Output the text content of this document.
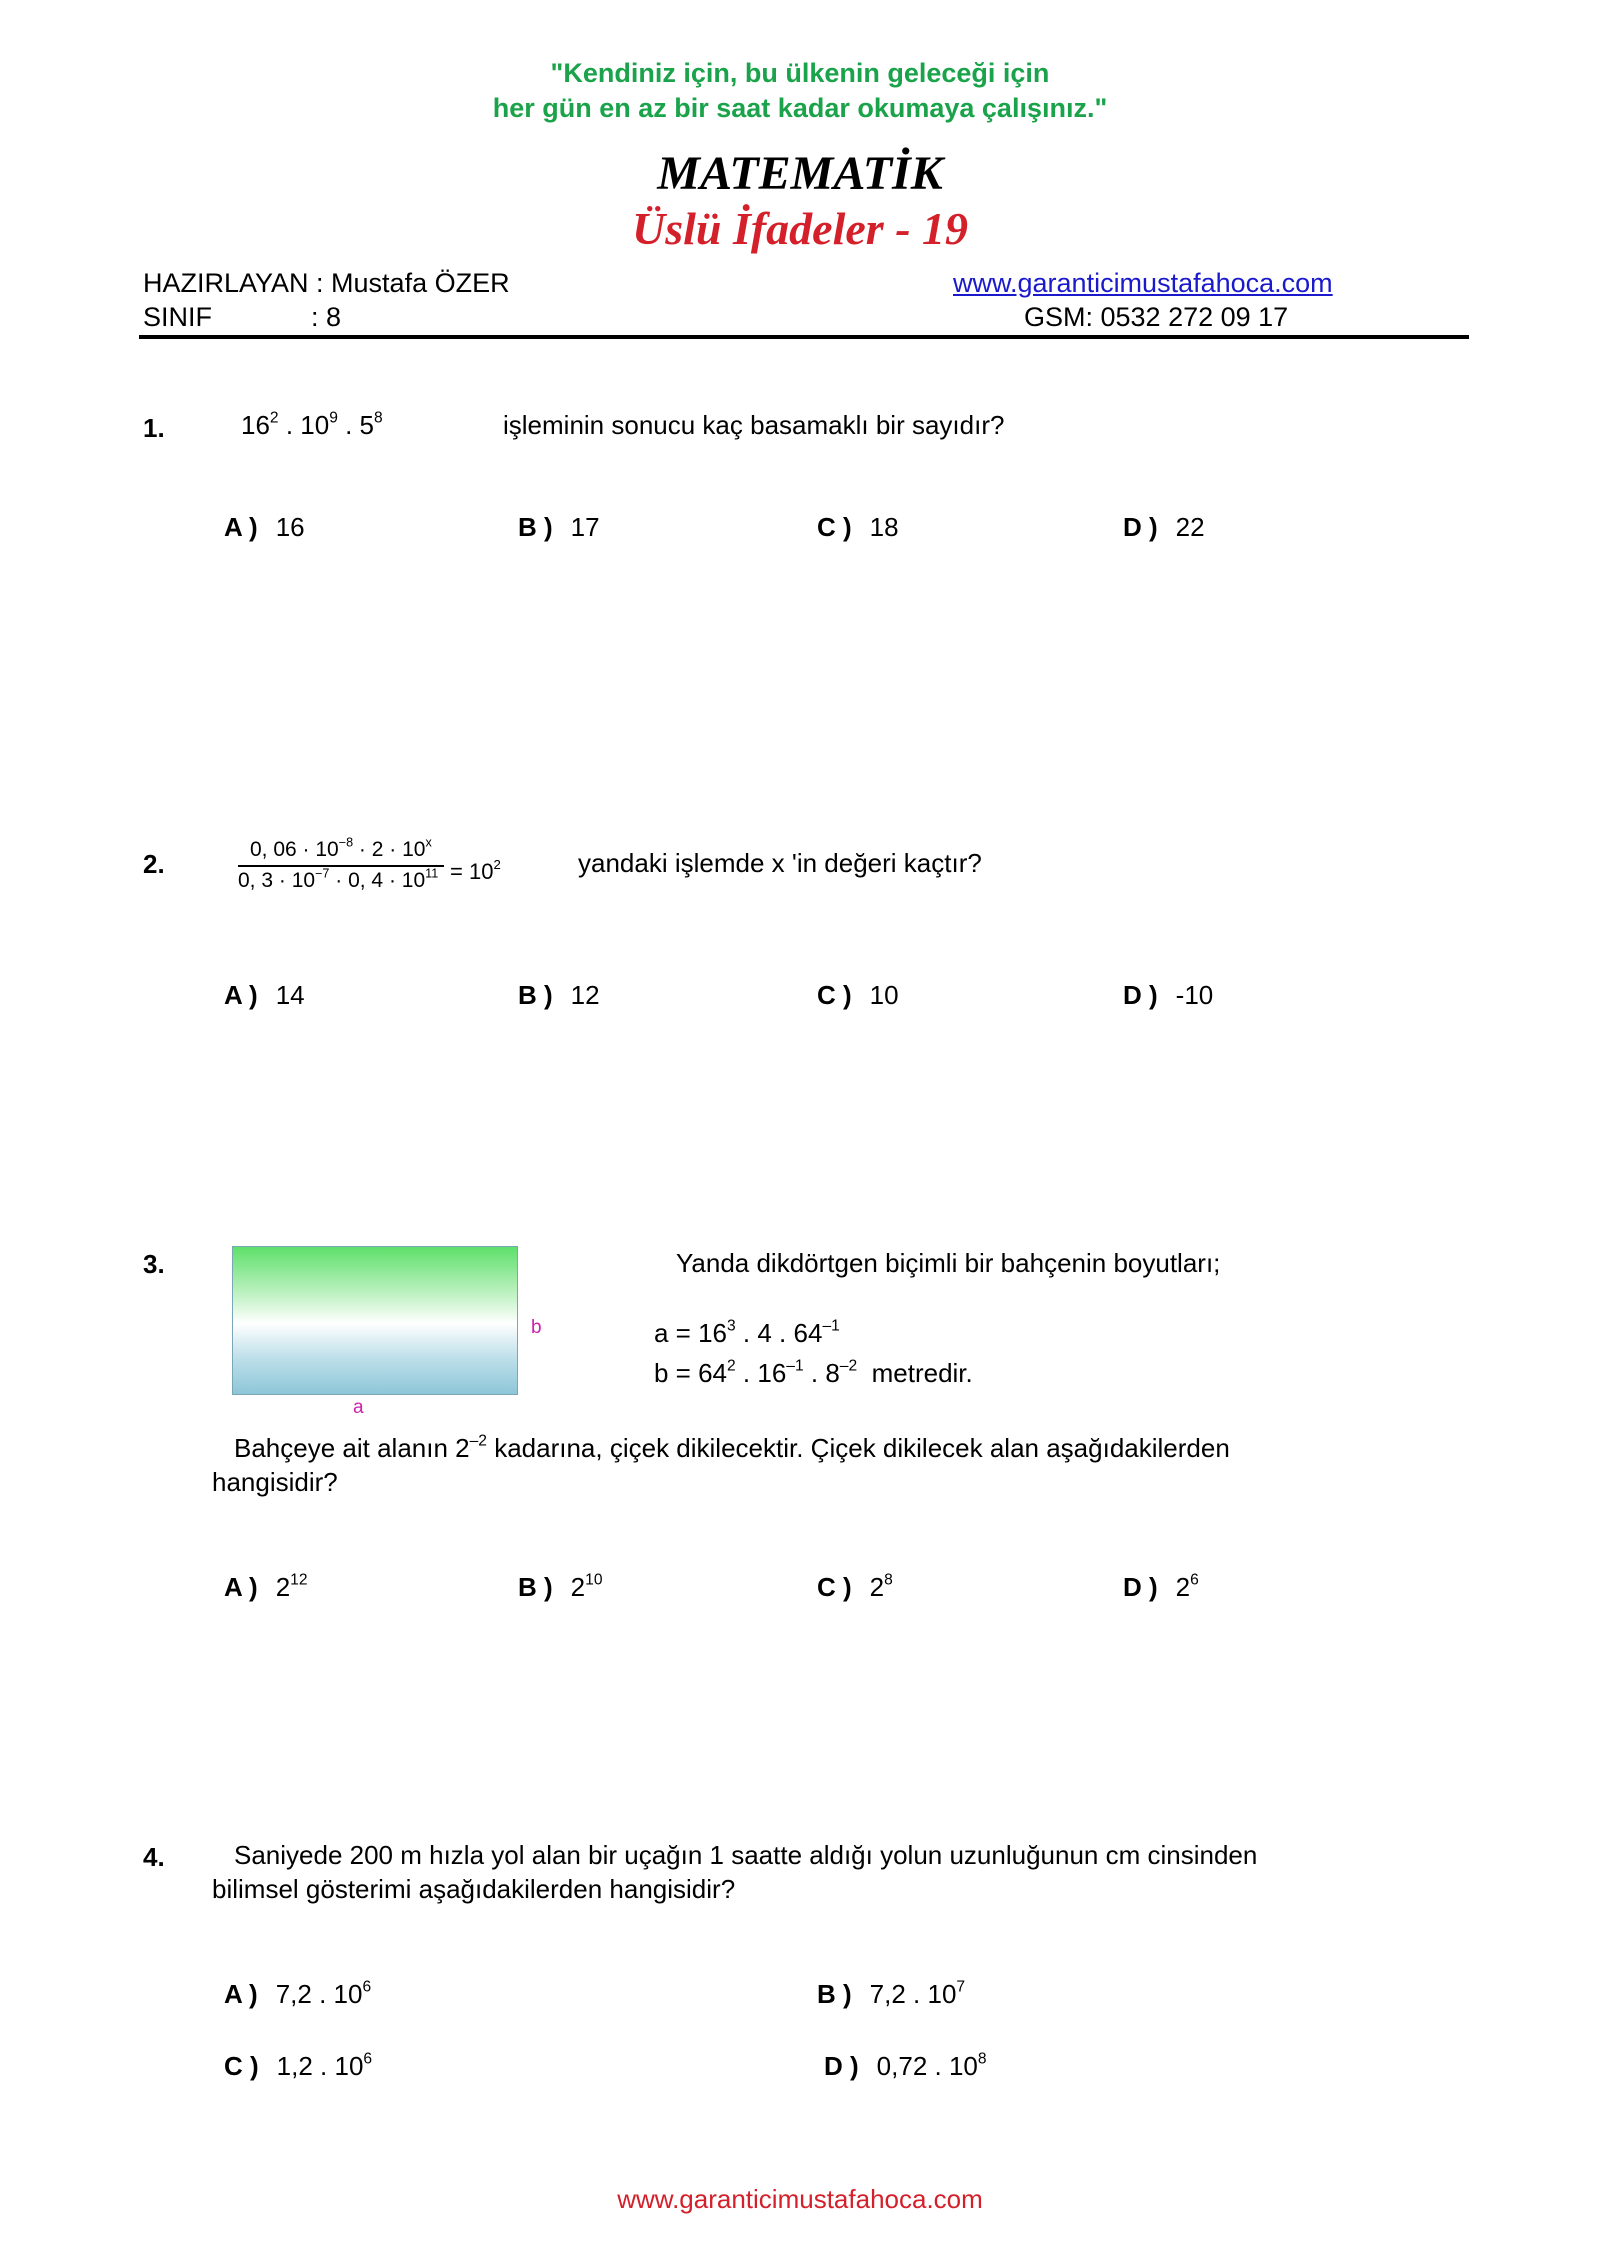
"Kendiniz için, bu ülkenin geleceği için
her gün en az bir saat kadar okumaya çalışınız."
MATEMATİK
Üslü İfadeler - 19
HAZIRLAYAN : Mustafa ÖZER	www.garanticimustafahoca.com
SINIF	: 8	GSM: 0532 272 09 17
1.	$16^2$ . $10^9$ . $5^8$	işleminin sonucu kaç basamaklı bir sayıdır?
A ) 16	B ) 17	C ) 18	D ) 22
2.	0, $06 \cdot 10^{-8} \cdot 2 \cdot 10^x$
0, $3 \cdot 10^{-7} \cdot 0$, $4 \cdot 10^{11} = 10^2$	yandaki işlemde x 'in değeri kaçtır?
A ) 14	B ) 12	C ) 10	D ) -10
3.
b
a
Yanda dikdörtgen biçimli bir bahçenin boyutları;
$a = 16^3$ . 4 . $64^{-1}$
$b = 64^2$ . $16^{-1}$ . $8^{-2}$  metredir.
Bahçeye ait alanın $2^{-2}$ kadarına, çiçek dikilecektir. Çiçek dikilecek alan aşağıdakilerden
hangisidir?
A ) $2^{12}$	B ) $2^{10}$	C ) $2^8$	D ) $2^6$
4.	Saniyede 200 m hızla yol alan bir uçağın 1 saatte aldığı yolun uzunluğunun cm cinsinden
bilimsel gösterimi aşağıdakilerden hangisidir?
A ) 7,2 . $10^6$	B ) 7,2 . $10^7$
C ) 1,2 . $10^6$	D ) 0,72 . $10^8$
www.garanticimustafahoca.com
